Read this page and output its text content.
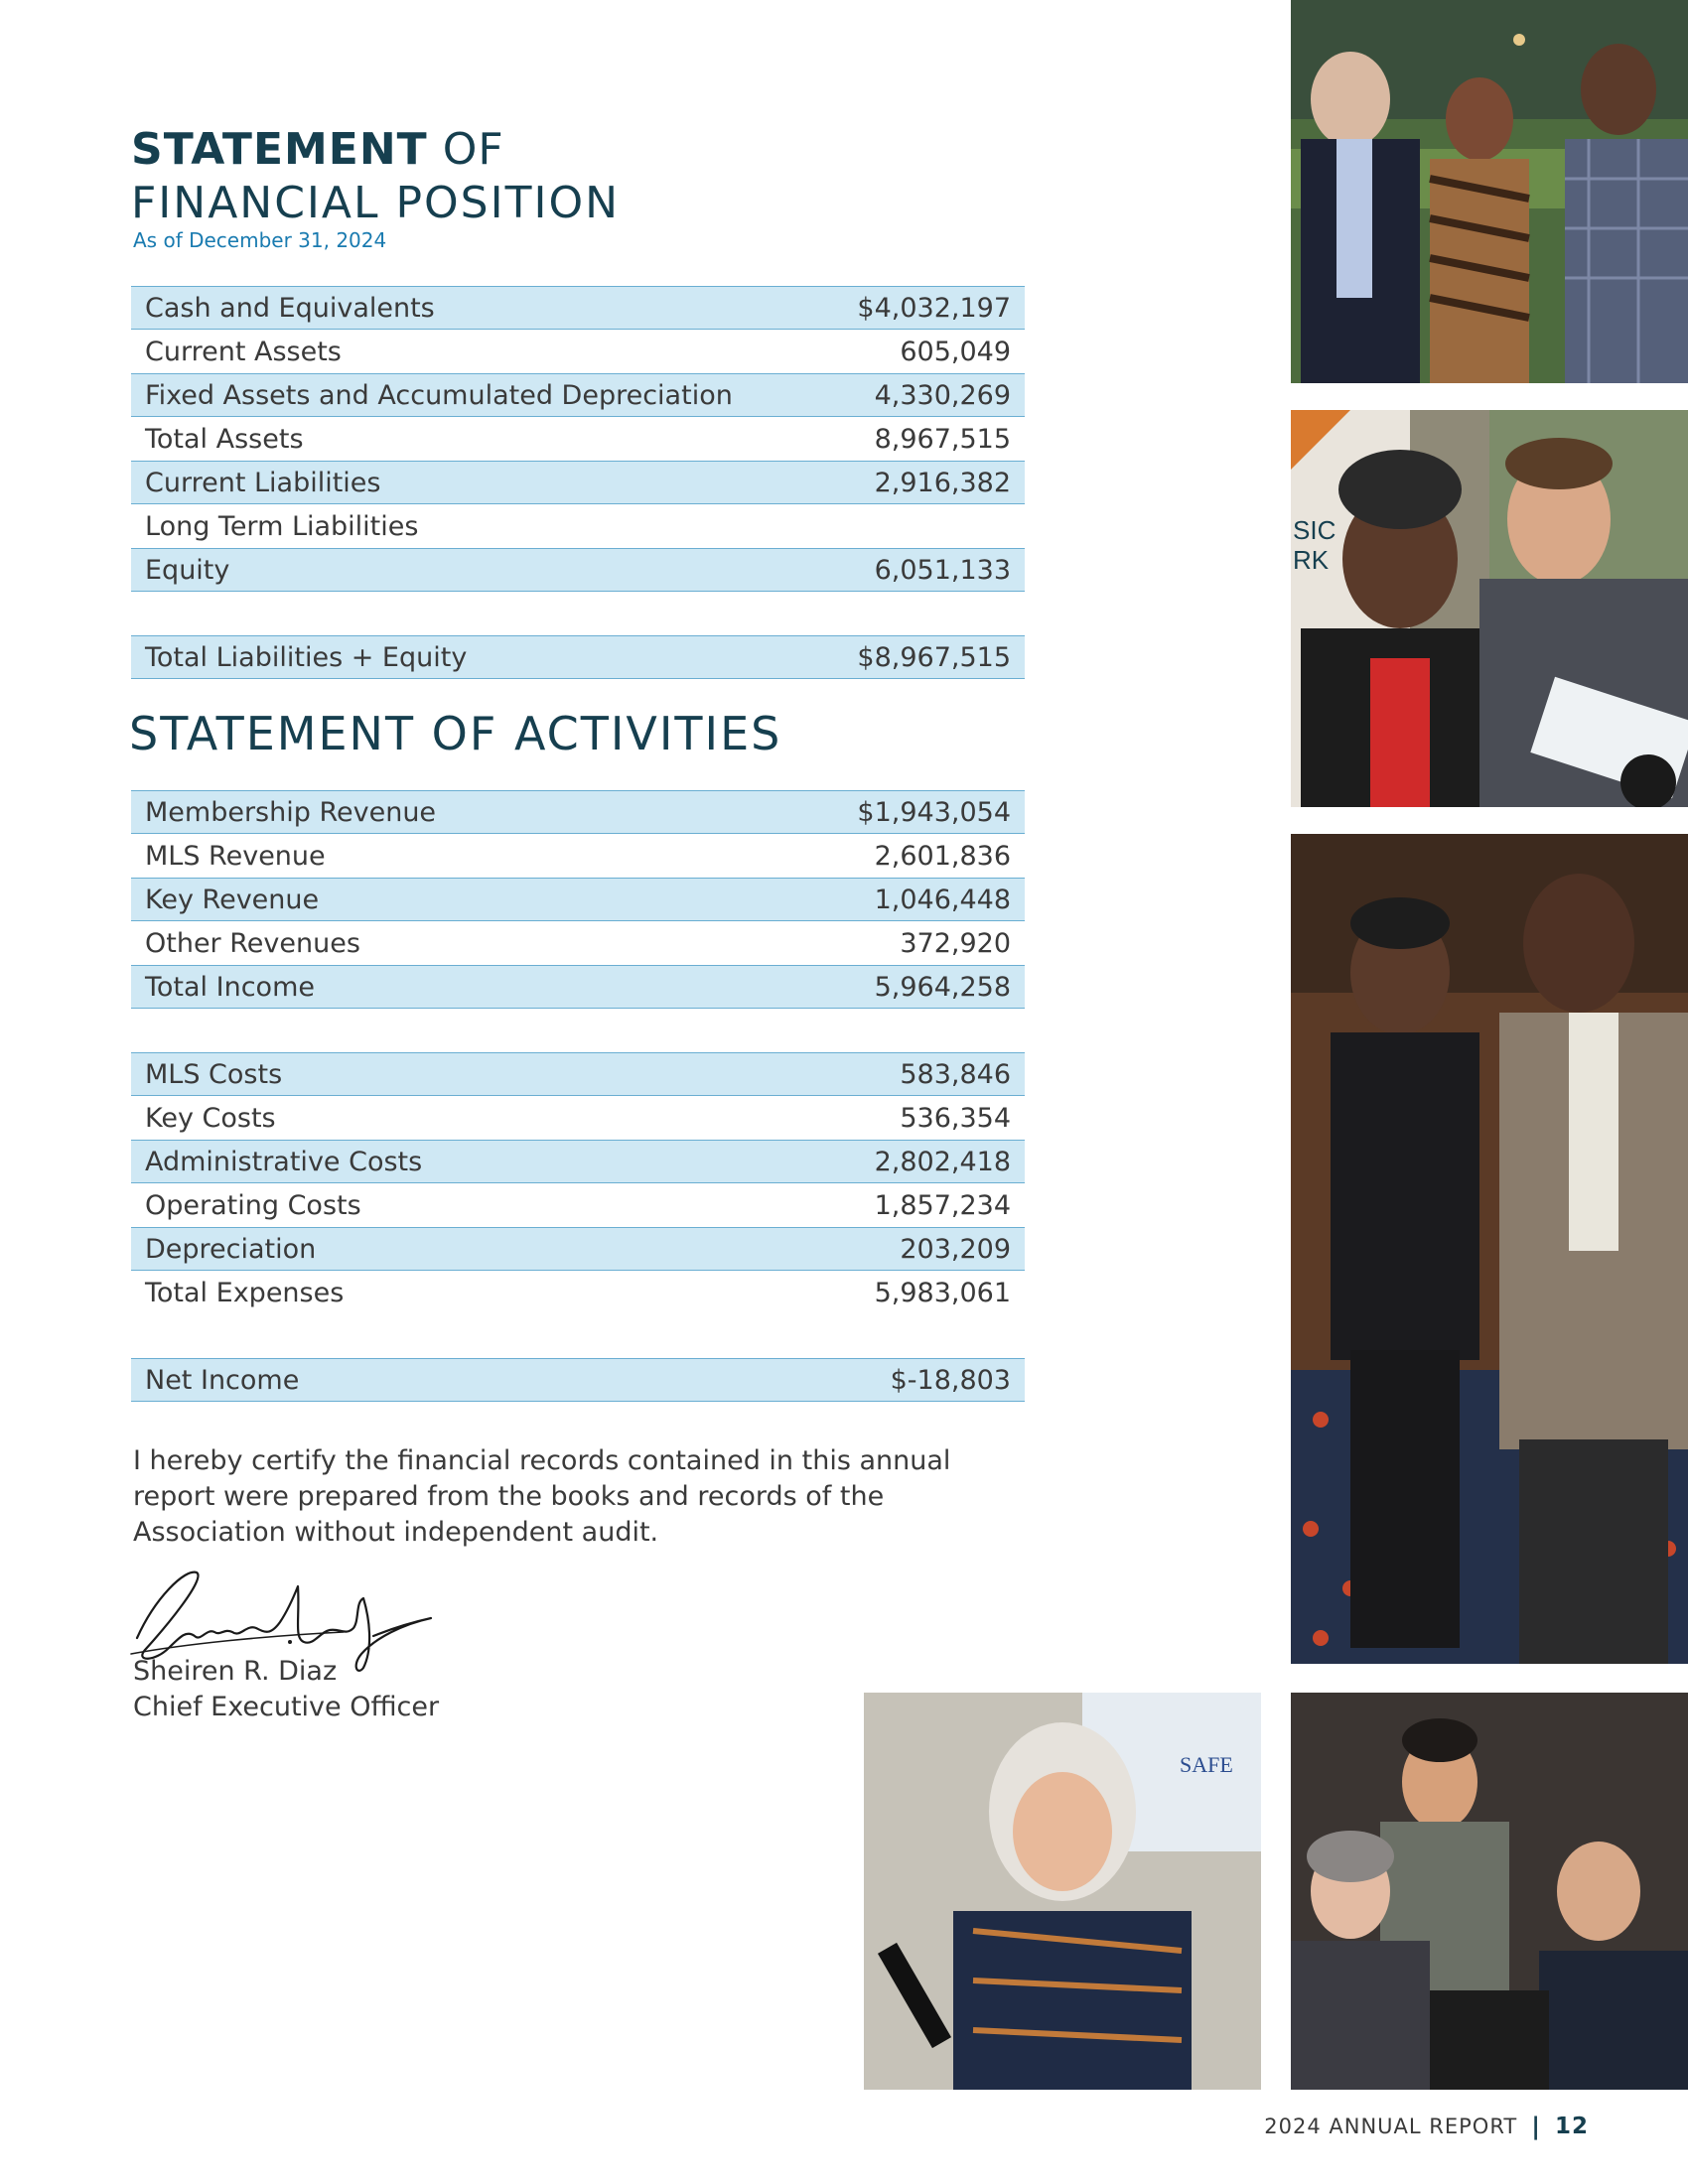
STATEMENT OF
FINANCIAL POSITION
As of December 31, 2024
Cash and Equivalents	$4,032,197
Current Assets	605,049
Fixed Assets and Accumulated Depreciation	4,330,269
Total Assets	8,967,515
Current Liabilities	2,916,382
Long Term Liabilities
Equity	6,051,133
Total Liabilities + Equity	$8,967,515
STATEMENT OF ACTIVITIES
Membership Revenue	$1,943,054
MLS Revenue	2,601,836
Key Revenue	1,046,448
Other Revenues	372,920
Total Income	5,964,258
MLS Costs	583,846
Key Costs	536,354
Administrative Costs	2,802,418
Operating Costs	1,857,234
Depreciation	203,209
Total Expenses	5,983,061
Net Income	$-18,803
I hereby certify the financial records contained in this annual report were prepared from the books and records of the Association without independent audit.
Sheiren R. Diaz
Chief Executive Officer
SIC
RK
SAFE
2024 ANNUAL REPORT | 12
